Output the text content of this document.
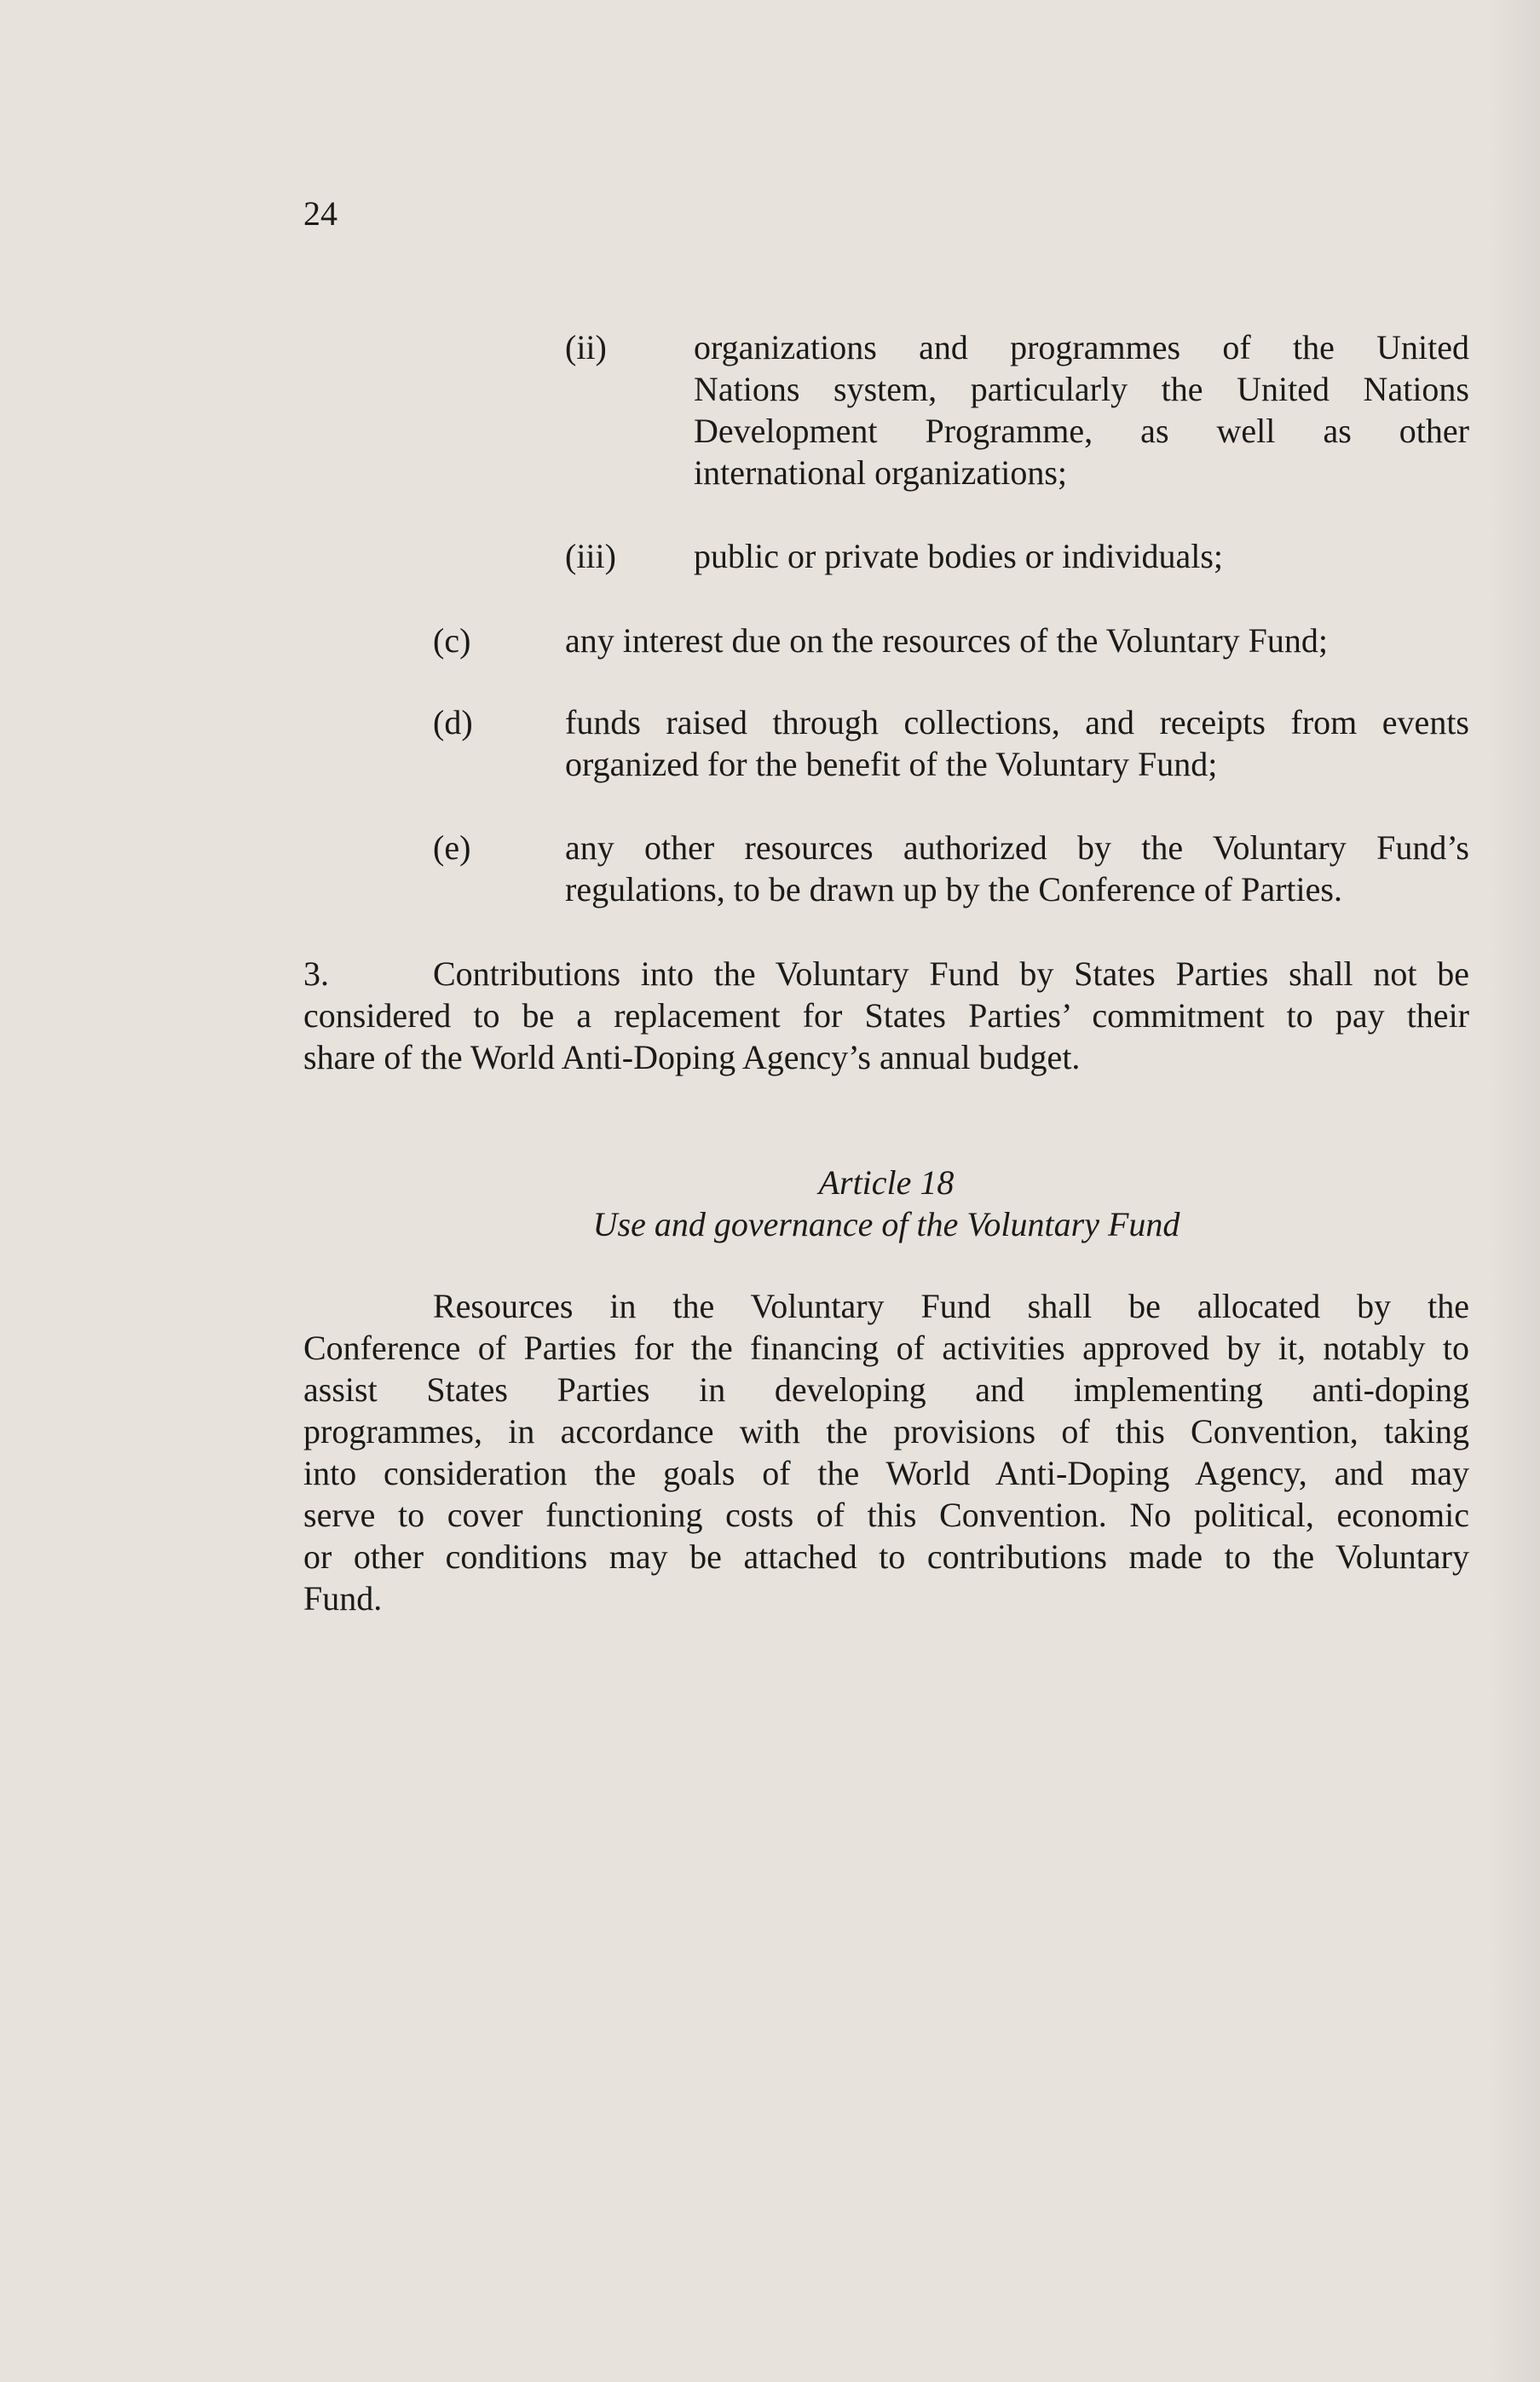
24
(ii)	organizations and programmes of the United
Nations system, particularly the United Nations
Development Programme, as well as other
international organizations;
(iii) public or private bodies or individuals;
(c)	any interest due on the resources of the Voluntary Fund;
(d)	funds raised through collections, and receipts from events
organized for the benefit of the Voluntary Fund;
(e)	any other resources authorized by the Voluntary Fund’s
regulations, to be drawn up by the Conference of Parties.
3.	Contributions into the Voluntary Fund by States Parties shall not be
considered to be a replacement for States Parties’ commitment to pay their
share of the World Anti-Doping Agency’s annual budget.
Article 18
Use and governance of the Voluntary Fund
Resources in the Voluntary Fund shall be allocated by the
Conference of Parties for the financing of activities approved by it, notably to
assist States Parties in developing and implementing anti-doping
programmes, in accordance with the provisions of this Convention, taking
into consideration the goals of the World Anti-Doping Agency, and may
serve to cover functioning costs of this Convention. No political, economic
or other conditions may be attached to contributions made to the Voluntary
Fund.
